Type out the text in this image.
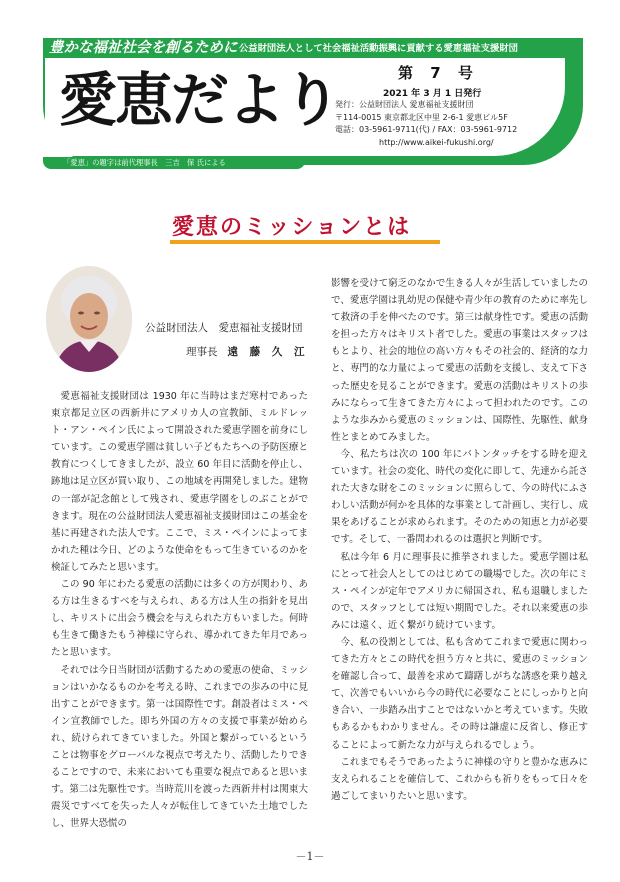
豊かな福祉社会を創るために 公益財団法人として社会福祉活動振興に貢献する愛恵福祉支援財団
愛恵だより	第 7 号
2021 年 3 月 1 日発行
発行：公益財団法人 愛恵福祉支援財団
〒114-0015 東京都北区中里 2-6-1 愛恵ビル5F
電話：03-5961-9711(代) / FAX：03-5961-9712
http://www.aikei-fukushi.org/
「愛恵」の題字は前代理事長　三吉　保 氏による
愛恵のミッションとは
公益財団法人　愛恵福祉支援財団
理事長 遠 藤 久 江

愛恵福祉支援財団は 1930 年に当時はまだ寒村であった東京都足立区の西新井にアメリカ人の宣教師、ミルドレット・アン・ペイン氏によって開設された愛恵学園を前身にしています。この愛恵学園は貧しい子どもたちへの予防医療と教育につくしてきましたが、設立 60 年目に活動を停止し、跡地は足立区が買い取り、この地域を再開発しました。建物の一部が記念館として残され、愛恵学園をしのぶことができます。現在の公益財団法人愛恵福祉支援財団はこの基金を基に再建された法人です。ここで、ミス・ペインによってまかれた種は今日、どのような使命をもって生きているのかを検証してみたと思います。

この 90 年にわたる愛恵の活動には多くの方が関わり、ある方は生きるすべを与えられ、ある方は人生の指針を見出し、キリストに出会う機会を与えられた方もいました。何時も生きて働きたもう神様に守られ、導かれてきた年月であったと思います。

それでは今日当財団が活動するための愛恵の使命、ミッションはいかなるものかを考える時、これまでの歩みの中に見出すことができます。第一は国際性です。創設者はミス・ペイン宣教師でした。即ち外国の方々の支援で事業が始められ、続けられてきていました。外国と繋がっているということは物事をグローバルな視点で考えたり、活動したりできることですので、未来においても重要な視点であると思います。第二は先駆性です。当時荒川を渡った西新井村は関東大震災ですべてを失った人々が転住してきていた土地でしたし、世界大恐慌の

影響を受けて窮乏のなかで生きる人々が生活していましたので、愛恵学園は乳幼児の保健や青少年の教育のために率先して救済の手を伸べたのです。第三は献身性です。愛恵の活動を担った方々はキリスト者でした。愛恵の事業はスタッフはもとより、社会的地位の高い方々もその社会的、経済的な力と、専門的な力量によって愛恵の活動を支援し、支えて下さった歴史を見ることができます。愛恵の活動はキリストの歩みにならって生きてきた方々によって担われたのです。このような歩みから愛恵のミッションは、国際性、先駆性、献身性とまとめてみました。

今、私たちは次の 100 年にバトンタッチをする時を迎えています。社会の変化、時代の変化に即して、先達から託された大きな財をこのミッションに照らして、今の時代にふさわしい活動が何かを具体的な事業として計画し、実行し、成果をあげることが求められます。そのための知恵と力が必要です。そして、一番問われるのは選択と判断です。

私は今年 6 月に理事長に推挙されました。愛恵学園は私にとって社会人としてのはじめての職場でした。次の年にミス・ペインが定年でアメリカに帰国され、私も退職しましたので、スタッフとしては短い期間でした。それ以来愛恵の歩みには遠く、近く繋がり続けています。

今、私の役割としては、私も含めてこれまで愛恵に関わってきた方々とこの時代を担う方々と共に、愛恵のミッションを確認し合って、最善を求めて躊躇しがちな誘惑を乗り越えて、次善でもいいから今の時代に必要なことにしっかりと向き合い、一歩踏み出すことではないかと考えています。失敗もあるかもわかりません。その時は謙虚に反省し、修正することによって新たな力が与えられるでしょう。

これまでもそうであったように神様の守りと豊かな恵みに支えられることを確信して、これからも祈りをもって日々を過ごしてまいりたいと思います。

－1－
